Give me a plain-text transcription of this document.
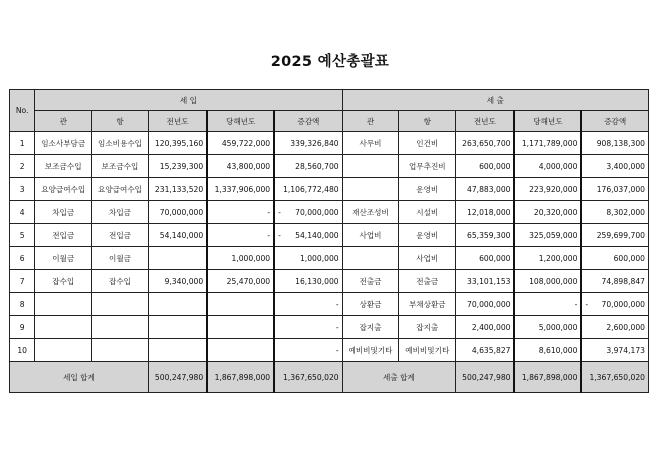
2025 예산총괄표
No.	세 입					세 출				
	관	항	전년도	당해년도	증감액	관	항	전년도	당해년도	증감액
1	임소사부담금	임소비용수입	120,395,160	459,722,000	339,326,840	사무비	인건비	263,650,700	1,171,789,000	908,138,300

2	보조금수입	보조금수입	15,239,300	43,800,000	28,560,700		업무추진비	600,000	4,000,000	3,400,000

3	요양급여수입	요양급여수입	231,133,520	1,337,906,000	1,106,772,480		운영비	47,883,000	223,920,000	176,037,000

4	차입금	차입금	70,000,000	-	- 70,000,000	재산조성비	시설비	12,018,000	20,320,000	8,302,000

5	전입금	전입금	54,140,000	-	- 54,140,000	사업비	운영비	65,359,300	325,059,000	259,699,700

6	이월금	이월금		1,000,000	1,000,000		사업비	600,000	1,200,000	600,000

7	잡수입	잡수입	9,340,000	25,470,000	16,130,000	전출금	전출금	33,101,153	108,000,000	74,898,847

8					-	상환금	부채상환금	70,000,000	-	- 70,000,000

9					-	잡지출	잡지출	2,400,000	5,000,000	2,600,000

10					-	예비비및기타	예비비및기타	4,635,827	8,610,000	3,974,173

세입 합계			500,247,980	1,867,898,000	1,367,650,020	세출 합계		500,247,980	1,867,898,000	1,367,650,020
